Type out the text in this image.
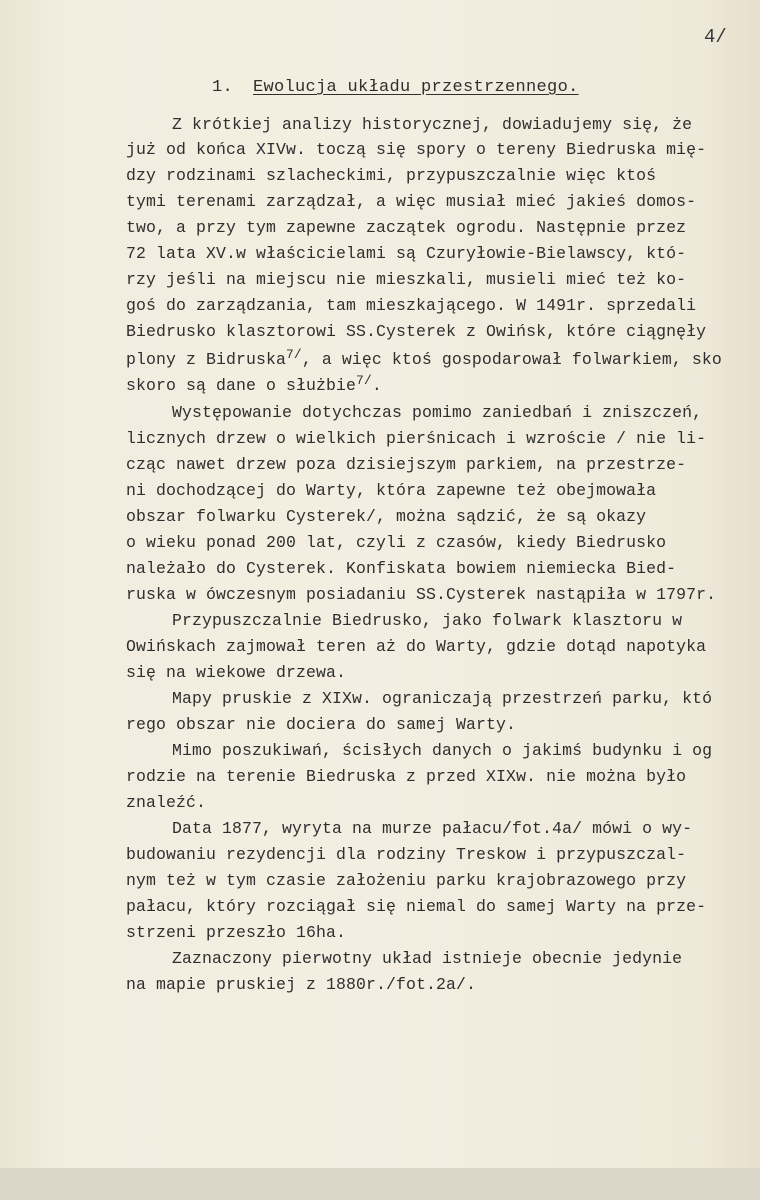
4/
1. Ewolucja układu przestrzennego.
Z krótkiej analizy historycznej, dowiadujemy się, że
już od końca XIVw. toczą się spory o tereny Biedruska mię-
dzy rodzinami szlacheckimi, przypuszczalnie więc ktoś
tymi terenami zarządzał, a więc musiał mieć jakieś domos-
two, a przy tym zapewne zaczątek ogrodu. Następnie przez
72 lata XV.w właścicielami są Czuryłowie-Bielawscy, któ-
rzy jeśli na miejscu nie mieszkali, musieli mieć też ko-
goś do zarządzania, tam mieszkającego. W 1491r. sprzedali
Biedrusko klasztorowi SS.Cysterek z Owińsk, które ciągnęły
plony z Bidruska$^{7/}$, a więc ktoś gospodarował folwarkiem, sko
skoro są dane o służbie$^{7/}$.
Występowanie dotychczas pomimo zaniedbań i zniszczeń,
licznych drzew o wielkich pierśnicach i wzroście / nie li-
cząc nawet drzew poza dzisiejszym parkiem, na przestrze-
ni dochodzącej do Warty, która zapewne też obejmowała
obszar folwarku Cysterek/, można sądzić, że są okazy
o wieku ponad 200 lat, czyli z czasów, kiedy Biedrusko
należało do Cysterek. Konfiskata bowiem niemiecka Bied-
ruska w ówczesnym posiadaniu SS.Cysterek nastąpiła w 1797r.
Przypuszczalnie Biedrusko, jako folwark klasztoru w
Owińskach zajmował teren aż do Warty, gdzie dotąd napotyka
się na wiekowe drzewa.
Mapy pruskie z XIXw. ograniczają przestrzeń parku, któ
rego obszar nie dociera do samej Warty.
Mimo poszukiwań, ścisłych danych o jakimś budynku i og
rodzie na terenie Biedruska z przed XIXw. nie można było
znaleźć.
Data 1877, wyryta na murze pałacu/fot.4a/ mówi o wy-
budowaniu rezydencji dla rodziny Treskow i przypuszczal-
nym też w tym czasie założeniu parku krajobrazowego przy
pałacu, który rozciągał się niemal do samej Warty na prze-
strzeni przeszło 16ha.
Zaznaczony pierwotny układ istnieje obecnie jedynie
na mapie pruskiej z 1880r./fot.2a/.
